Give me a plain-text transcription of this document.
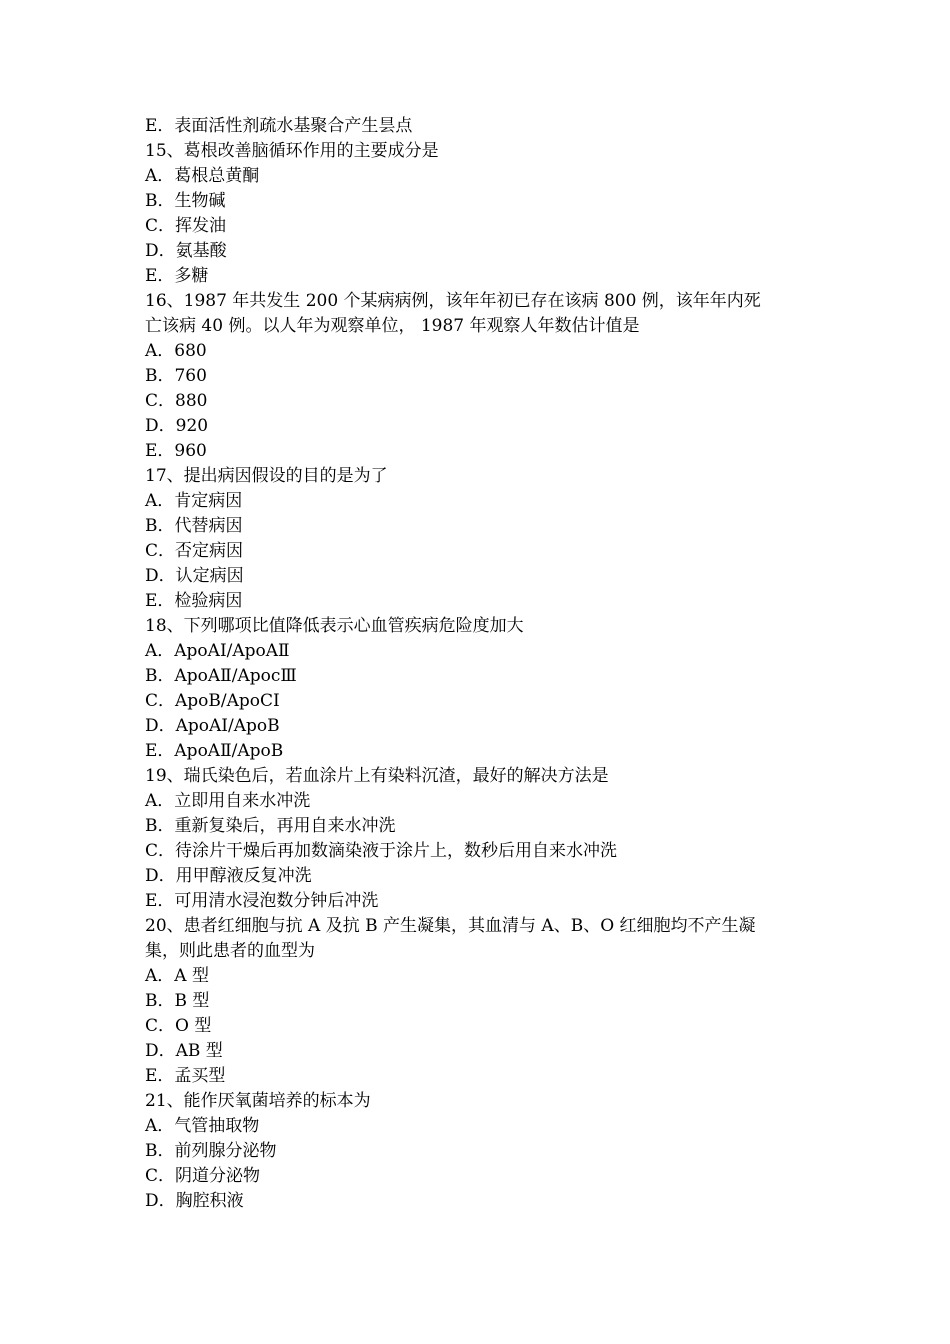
E．表面活性剂疏水基聚合产生昙点
15、葛根改善脑循环作用的主要成分是
A．葛根总黄酮
B．生物碱
C．挥发油
D．氨基酸
E．多糖
16、1987 年共发生 200 个某病病例，该年年初已存在该病 800 例，该年年内死
亡该病 40 例。以人年为观察单位， 1987 年观察人年数估计值是
A．680
B．760
C．880
D．920
E．960
17、提出病因假设的目的是为了
A．肯定病因
B．代替病因
C．否定病因
D．认定病因
E．检验病因
18、下列哪项比值降低表示心血管疾病危险度加大
A．ApoAⅠ/ApoAⅡ
B．ApoAⅡ/ApocⅢ
C．ApoB/ApoCⅠ
D．ApoAⅠ/ApoB
E．ApoAⅡ/ApoB
19、瑞氏染色后，若血涂片上有染料沉渣，最好的解决方法是
A．立即用自来水冲洗
B．重新复染后，再用自来水冲洗
C．待涂片干燥后再加数滴染液于涂片上，数秒后用自来水冲洗
D．用甲醇液反复冲洗
E．可用清水浸泡数分钟后冲洗
20、患者红细胞与抗 A 及抗 B 产生凝集，其血清与 A、B、O 红细胞均不产生凝
集，则此患者的血型为
A．A 型
B．B 型
C．O 型
D．AB 型
E．孟买型
21、能作厌氧菌培养的标本为
A．气管抽取物
B．前列腺分泌物
C．阴道分泌物
D．胸腔积液
